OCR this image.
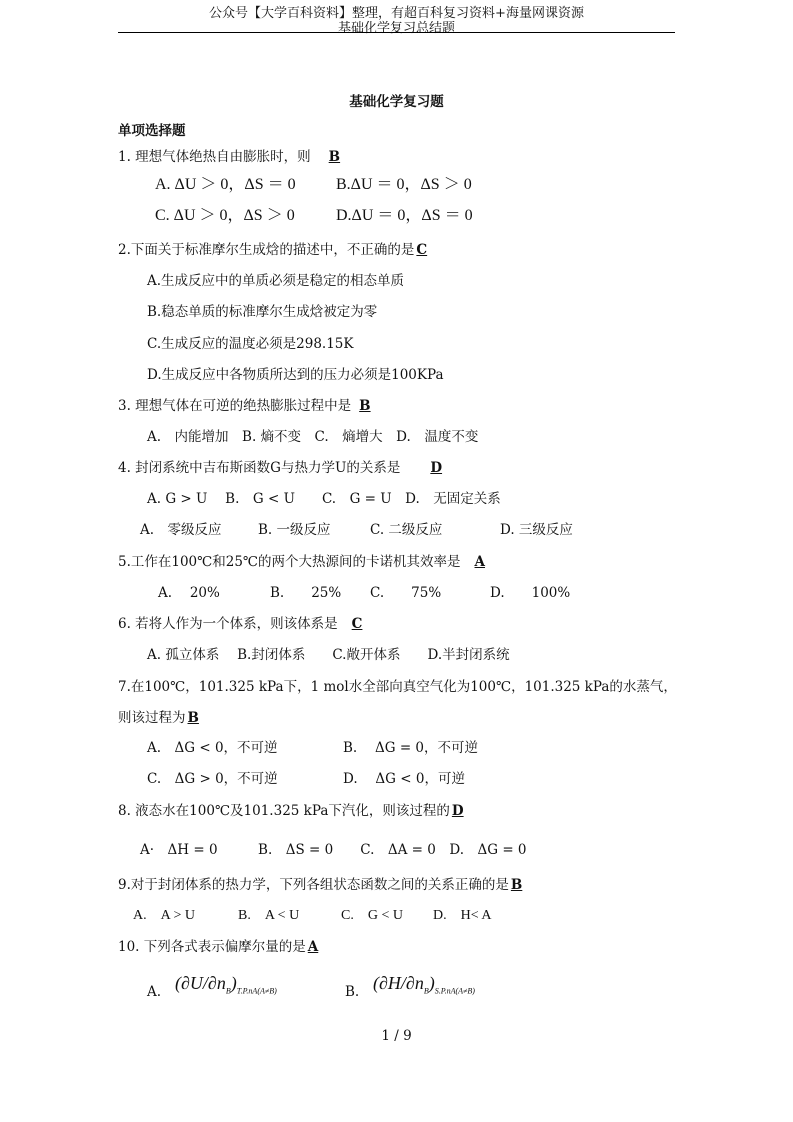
公众号【大学百科资料】整理，有超百科复习资料+海量网课资源
基础化学复习总结题
基础化学复习题
单项选择题
1. 理想气体绝热自由膨胀时，则 B
A. ΔU ＞ 0，ΔS ＝ 0	B.ΔU ＝ 0，ΔS ＞ 0
C. ΔU ＞ 0，ΔS ＞ 0	D.ΔU ＝ 0，ΔS ＝ 0
2.下面关于标准摩尔生成焓的描述中，不正确的是 C
A.生成反应中的单质必须是稳定的相态单质
B.稳态单质的标准摩尔生成焓被定为零
C.生成反应的温度必须是298.15K
D.生成反应中各物质所达到的压力必须是100KPa
3. 理想气体在可逆的绝热膨胀过程中是 B
A.　内能增加　B. 熵不变　C.　熵增大　D.　温度不变
4. 封闭系统中吉布斯函数G与热力学U的关系是 D
A. G > U　 B.　G < U　　C.　G = U　D.　无固定关系
A.　零级反应	B. 一级反应	C. 二级反应	D. 三级反应
5.工作在100℃和25℃的两个大热源间的卡诺机其效率是 A
A.　 20%	B.　　25% C.　　75%	D.　　100%
6. 若将人作为一个体系，则该体系是 C
A. 孤立体系　 B.封闭体系　　C.敞开体系　　D.半封闭系统
7.在100℃，101.325 kPa下，1 mol水全部向真空气化为100℃，101.325 kPa的水蒸气，
则该过程为 B
A.　ΔG < 0，不可逆	B.　 ΔG = 0，不可逆
C.　ΔG > 0，不可逆	D.　 ΔG < 0，可逆
8. 液态水在100℃及101.325 kPa下汽化，则该过程的 D
A·　ΔH = 0　　　B.　ΔS = 0　　C.　ΔA = 0　D.　ΔG = 0
9.对于封闭体系的热力学，下列各组状态函数之间的关系正确的是 B
A.　A > U	B.　A < U	C.　G < U D.　H< A
10. 下列各式表示偏摩尔量的是 A
A. $(\partial U/\partial n_B)_{T.P.nA(A\ne B)}$	B. $(\partial H/\partial n_B)_{S.P.nA(A\ne B)}$
1 / 9
